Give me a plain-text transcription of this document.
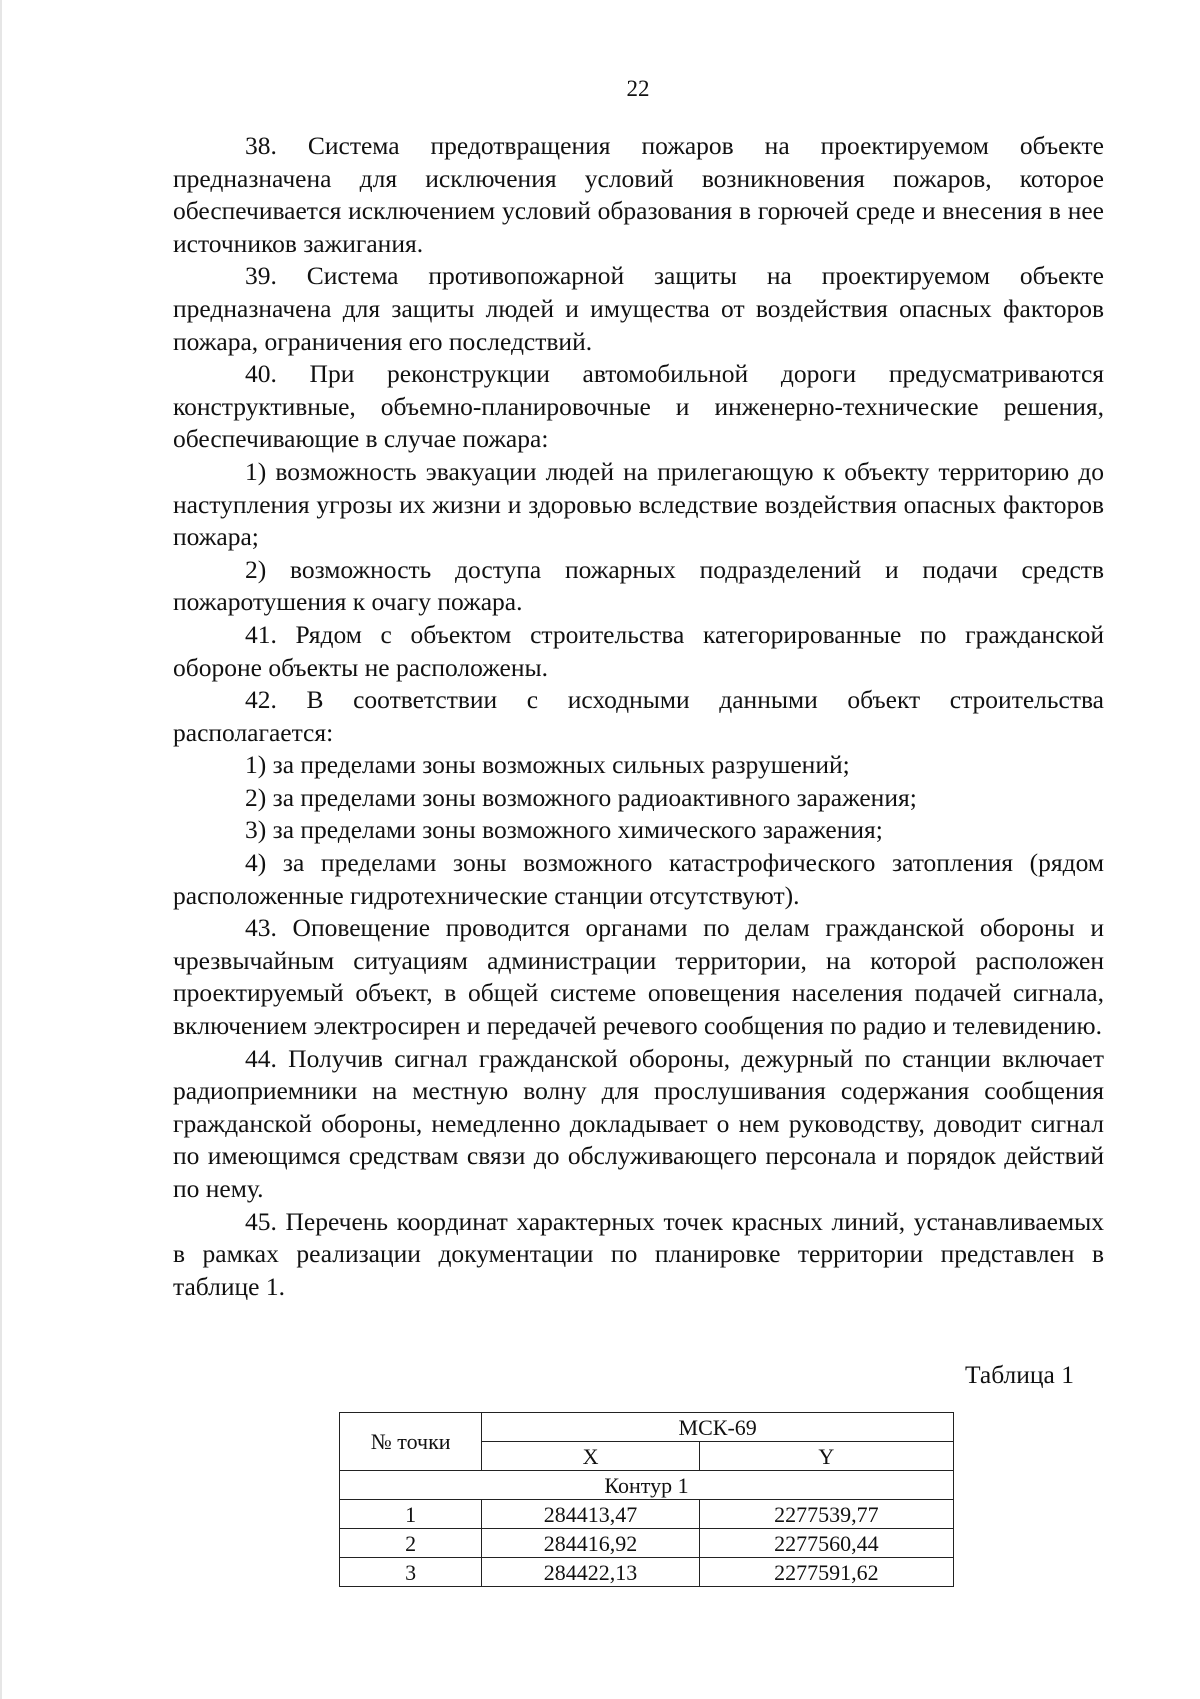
22

38. Система предотвращения пожаров на проектируемом объекте предназначена для исключения условий возникновения пожаров, которое обеспечивается исключением условий образования в горючей среде и внесения в нее источников зажигания.

39. Система противопожарной защиты на проектируемом объекте предназначена для защиты людей и имущества от воздействия опасных факторов пожара, ограничения его последствий.

40. При реконструкции автомобильной дороги предусматриваются конструктивные, объемно-планировочные и инженерно-технические решения, обеспечивающие в случае пожара:

1) возможность эвакуации людей на прилегающую к объекту территорию до наступления угрозы их жизни и здоровью вследствие воздействия опасных факторов пожара;

2) возможность доступа пожарных подразделений и подачи средств пожаротушения к очагу пожара.

41. Рядом с объектом строительства категорированные по гражданской обороне объекты не расположены.

42. В соответствии с исходными данными объект строительства располагается:

1) за пределами зоны возможных сильных разрушений;

2) за пределами зоны возможного радиоактивного заражения;

3) за пределами зоны возможного химического заражения;

4) за пределами зоны возможного катастрофического затопления (рядом расположенные гидротехнические станции отсутствуют).

43. Оповещение проводится органами по делам гражданской обороны и чрезвычайным ситуациям администрации территории, на которой расположен проектируемый объект, в общей системе оповещения населения подачей сигнала, включением электросирен и передачей речевого сообщения по радио и телевидению.

44. Получив сигнал гражданской обороны, дежурный по станции включает радиоприемники на местную волну для прослушивания содержания сообщения гражданской обороны, немедленно докладывает о нем руководству, доводит сигнал по имеющимся средствам связи до обслуживающего персонала и порядок действий по нему.

45. Перечень координат характерных точек красных линий, устанавливаемых в рамках реализации документации по планировке территории представлен в таблице 1.

Таблица 1
№ точки	МСК-69	
	X	Y
Контур 1		
1	284413,47	2277539,77
2	284416,92	2277560,44
3	284422,13	2277591,62
